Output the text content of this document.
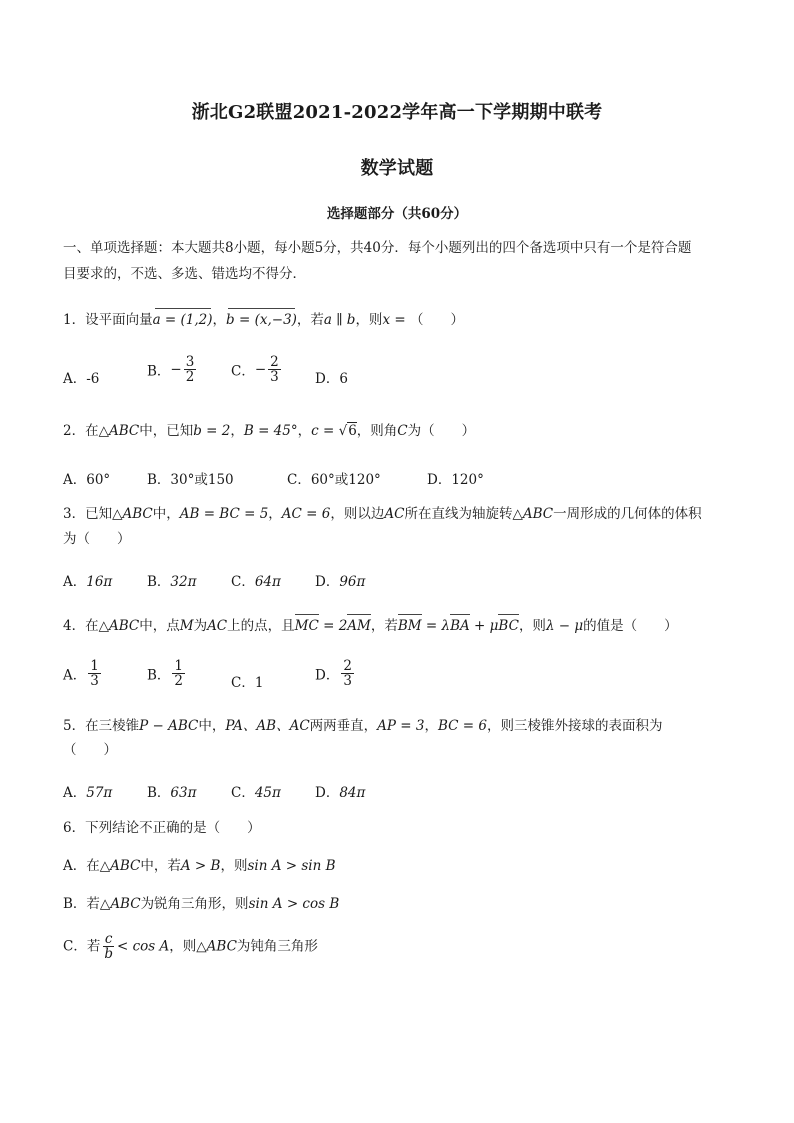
浙北G2联盟2021-2022学年高一下学期期中联考
数学试题
选择题部分（共60分）
一、单项选择题：本大题共8小题，每小题5分，共40分．每个小题列出的四个备选项中只有一个是符合题
目要求的，不选、多选、错选均不得分．
1．设平面向量a = (1,2)，b = (x,−3)，若a ∥ b，则x = （　　）
A．-6	B．− $\frac{3}{2}$	C．− $\frac{2}{3}$	D．6
2．在△ABC中，已知b = 2，B = 45°，c = √6，则角C为（　　）
A．60°	B．30°或150	C．60°或120°	D．120°
3．已知△ABC中，AB = BC = 5，AC = 6，则以边AC所在直线为轴旋转△ABC一周形成的几何体的体积
为（　　）
A．16π	B．32π	C．64π	D．96π
4．在△ABC中，点M为AC上的点，且MC = 2AM，若BM = λBA + μBC，则λ − μ的值是（　　）
A． $\frac{1}{3}$	B． $\frac{1}{2}$	C．1	D． $\frac{2}{3}$
5．在三棱锥P − ABC中，PA、AB、AC两两垂直，AP = 3，BC = 6，则三棱锥外接球的表面积为
（　　）
A．57π	B．63π	C．45π	D．84π
6．下列结论不正确的是（　　）
A．在△ABC中，若A > B，则sin A > sin B
B．若△ABC为锐角三角形，则sin A > cos B
C．若 $\frac{c}{b} < \cos A$，则△ABC为钝角三角形
